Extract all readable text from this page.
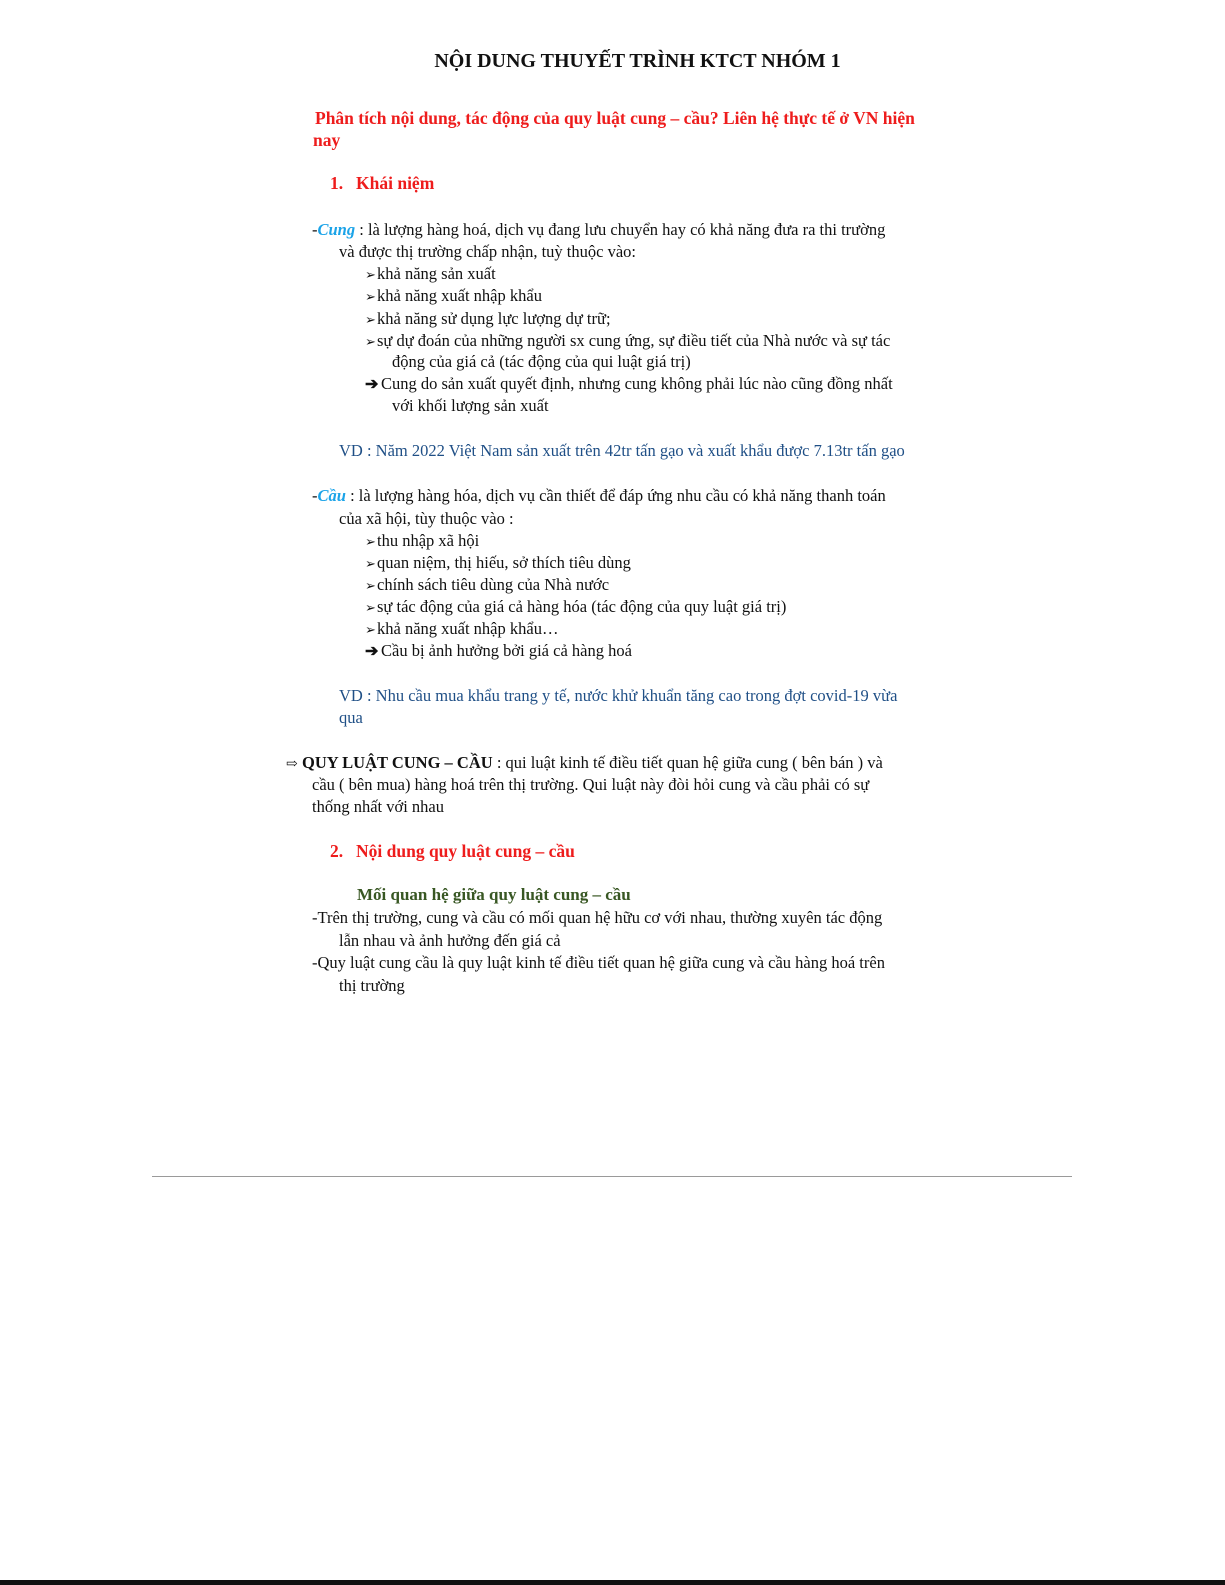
NỘI DUNG THUYẾT TRÌNH KTCT NHÓM 1
Phân tích nội dung, tác động của quy luật cung – cầu? Liên hệ thực tế ở VN hiện
nay
1. Khái niệm
-Cung : là lượng hàng hoá, dịch vụ đang lưu chuyển hay có khả năng đưa ra thi trường
và được thị trường chấp nhận, tuỳ thuộc vào:
➢khả năng sản xuất
➢khả năng xuất nhập khẩu
➢khả năng sử dụng lực lượng dự trữ;
➢sự dự đoán của những người sx cung ứng, sự điều tiết của Nhà nước và sự tác
động của giá cả (tác động của qui luật giá trị)
➔ Cung do sản xuất quyết định, nhưng cung không phải lúc nào cũng đồng nhất
với khối lượng sản xuất
VD : Năm 2022 Việt Nam sản xuất trên 42tr tấn gạo và xuất khẩu được 7.13tr tấn gạo
-Cầu : là lượng hàng hóa, dịch vụ cần thiết để đáp ứng nhu cầu có khả năng thanh toán
của xã hội, tùy thuộc vào :
➢thu nhập xã hội
➢quan niệm, thị hiếu, sở thích tiêu dùng
➢chính sách tiêu dùng của Nhà nước
➢sự tác động của giá cả hàng hóa (tác động của quy luật giá trị)
➢khả năng xuất nhập khẩu…
➔ Cầu bị ảnh hưởng bởi giá cả hàng hoá
VD : Nhu cầu mua khẩu trang y tế, nước khử khuẩn tăng cao trong đợt covid-19 vừa
qua
⇨ QUY LUẬT CUNG – CẦU : qui luật kinh tế điều tiết quan hệ giữa cung ( bên bán ) và
cầu ( bên mua) hàng hoá trên thị trường. Qui luật này đòi hỏi cung và cầu phải có sự
thống nhất với nhau
2. Nội dung quy luật cung – cầu
Mối quan hệ giữa quy luật cung – cầu
-Trên thị trường, cung và cầu có mối quan hệ hữu cơ với nhau, thường xuyên tác động
lẫn nhau và ảnh hưởng đến giá cả
-Quy luật cung cầu là quy luật kinh tế điều tiết quan hệ giữa cung và cầu hàng hoá trên
thị trường
